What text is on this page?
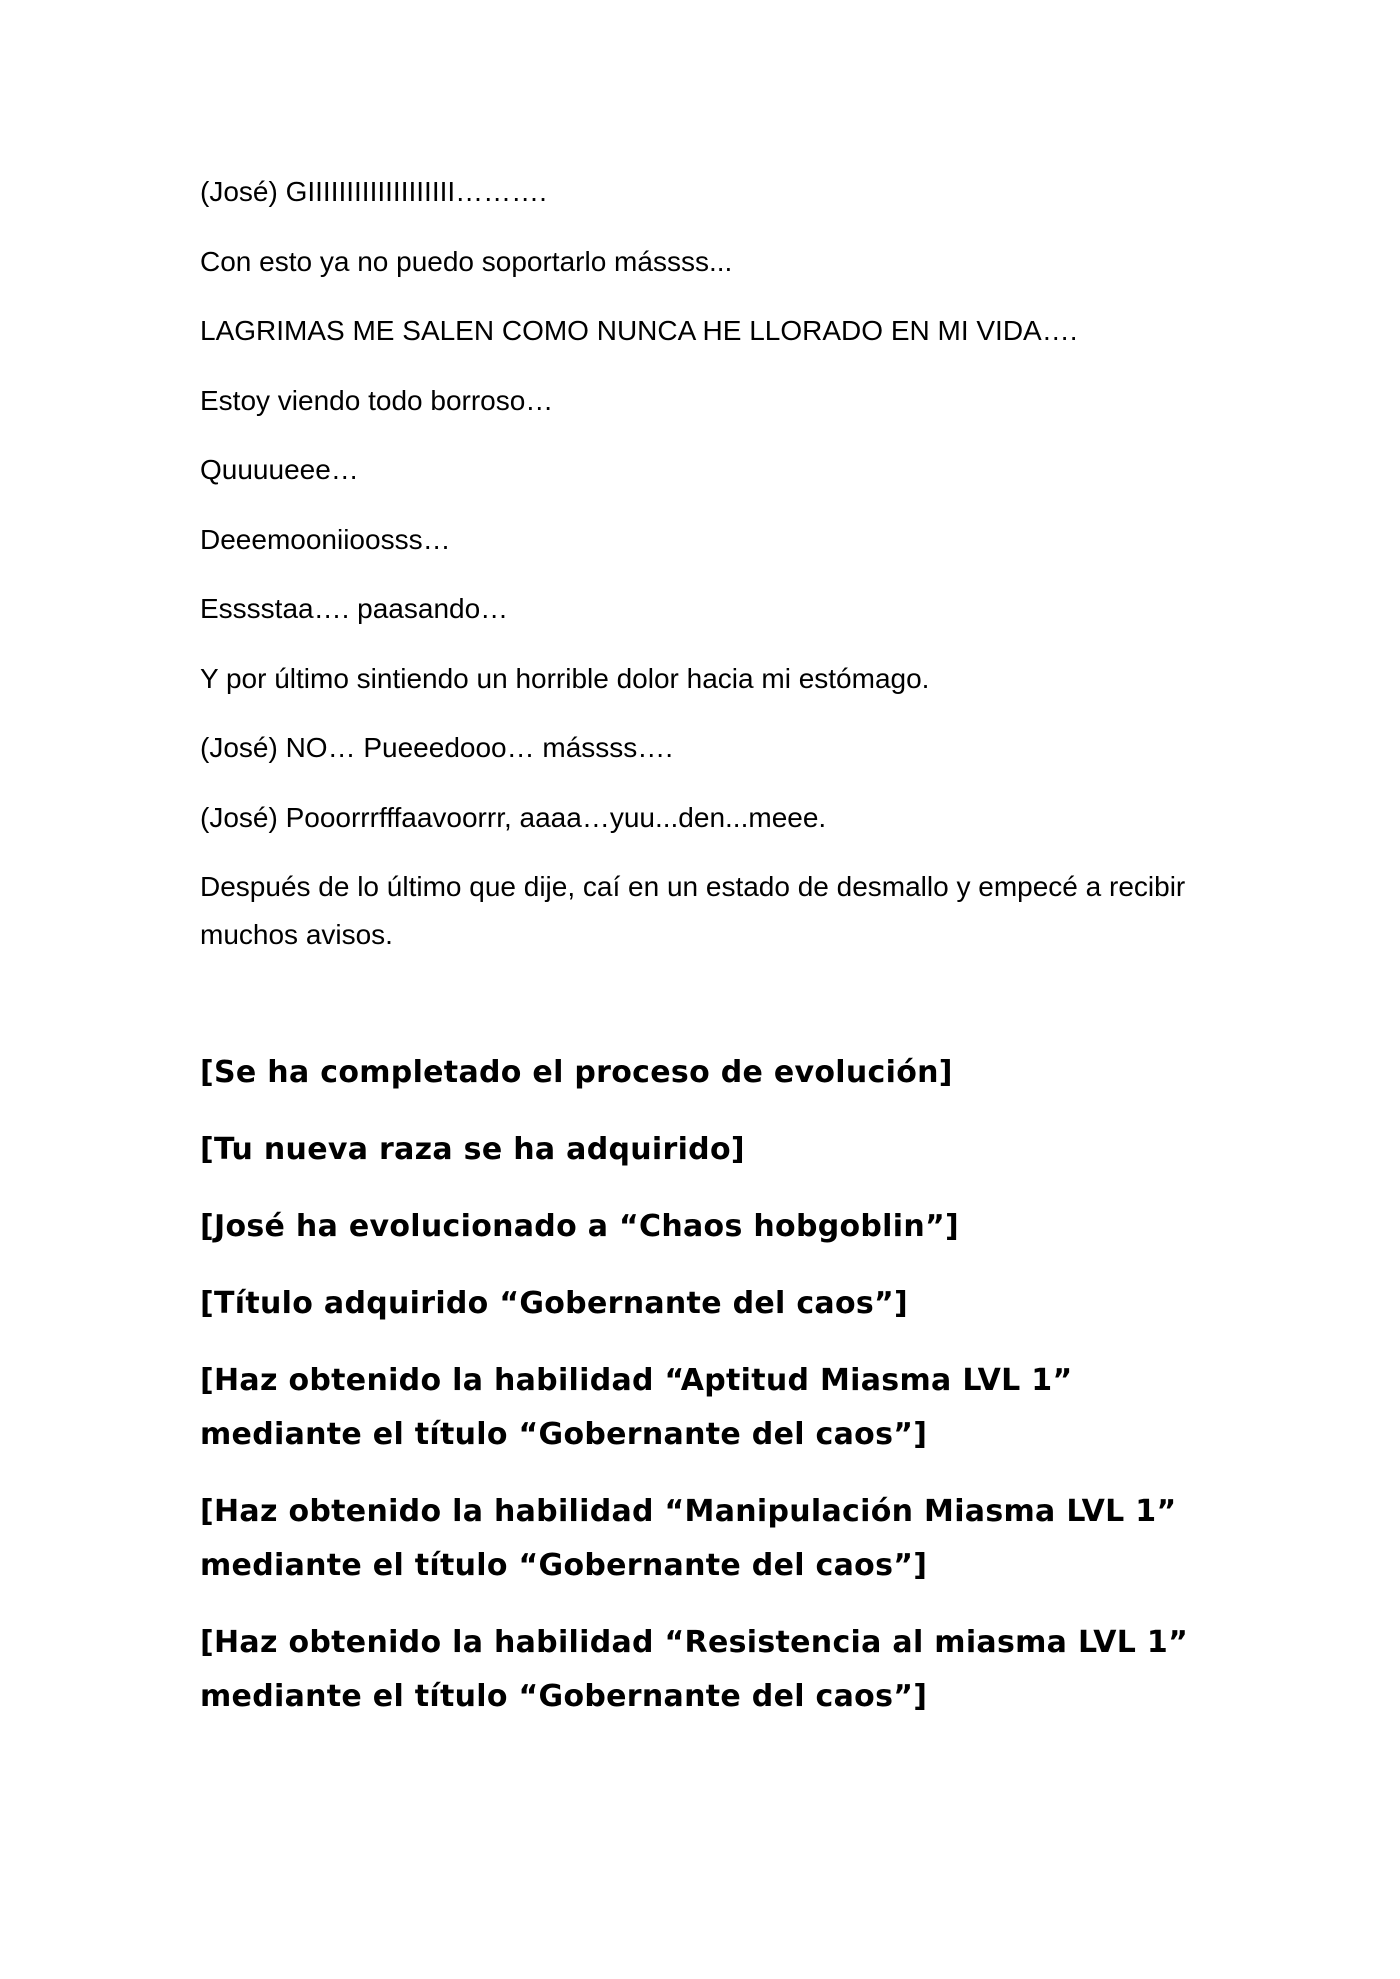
(José) GIIIIIIIIIIIIIIIIIII……….

Con esto ya no puedo soportarlo mássss...

LAGRIMAS ME SALEN COMO NUNCA HE LLORADO EN MI VIDA….

Estoy viendo todo borroso…

Quuuueee…

Deeemooniioosss…

Esssstaa…. paasando…

Y por último sintiendo un horrible dolor hacia mi estómago.

(José) NO… Pueeedooo… mássss….

(José) Pooorrrfffaavoorrr, aaaa…yuu...den...meee.

Después de lo último que dije, caí en un estado de desmallo y empecé a recibir muchos avisos.

[Se ha completado el proceso de evolución]

[Tu nueva raza se ha adquirido]

[José ha evolucionado a “Chaos hobgoblin”]

[Título adquirido “Gobernante del caos”]

[Haz obtenido la habilidad “Aptitud Miasma LVL 1” mediante el título “Gobernante del caos”]

[Haz obtenido la habilidad “Manipulación Miasma LVL 1” mediante el título “Gobernante del caos”]

[Haz obtenido la habilidad “Resistencia al miasma LVL 1” mediante el título “Gobernante del caos”]
